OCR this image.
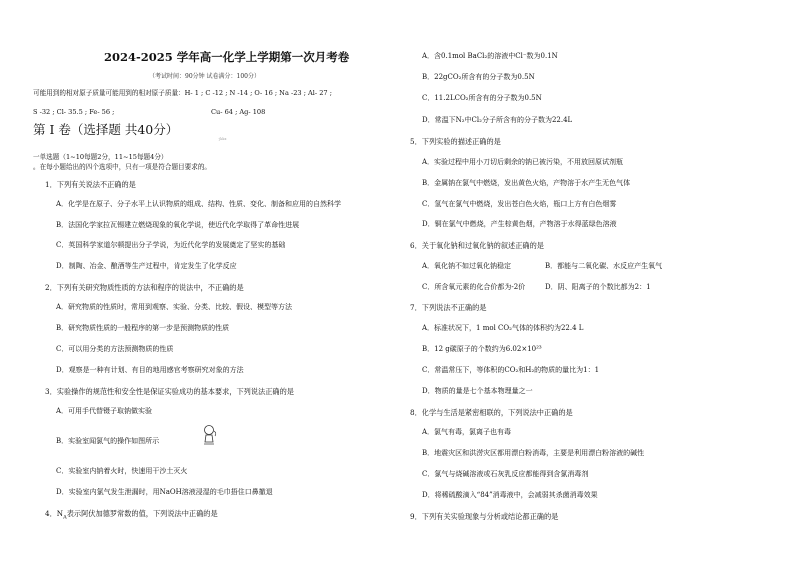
2024-2025 学年高一化学上学期第一次月考卷
（考试时间：90分钟 试卷满分：100分）
可能用到的相对原子质量可能用到的相对原子质量：H- 1 ; C -12 ; N -14 ; O- 16 ; Na -23 ; Al- 27 ;
S -32 ; Cl- 35.5 ; Fe- 56 ;	Cu- 64 ; Ag- 108
第 I 卷（选择题 共40分）
·jkkx
一单选题（1~10每题2分，11~15每题4分）
。在每小题给出的四个选项中，只有一项是符合题目要求的。
1．下列有关说法不正确的是
A．化学是在原子、分子水平上认识物质的组成、结构、性质、变化、制备和应用的自然科学
B．法国化学家拉瓦锡建立燃烧现象的氧化学说，使近代化学取得了革命性进展
C．英国科学家道尔顿提出分子学说，为近代化学的发展奠定了坚实的基础
D．制陶、冶金、酿酒等生产过程中，肯定发生了化学反应
2．下列有关研究物质性质的方法和程序的说法中，不正确的是
A．研究物质的性质时，常用到观察、实验、分类、比较、假设、模型等方法
B．研究物质性质的一般程序的第一步是预测物质的性质
C．可以用分类的方法预测物质的性质
D．观察是一种有计划、有目的地用感官考察研究对象的方法
3．实验操作的规范性和安全性是保证实验成功的基本要求，下列说法正确的是
A．可用手代替镊子取钠做实验
B．实验室闻氯气的操作如图所示
C．实验室内钠着火时，快速用干沙土灭火
D．实验室内氯气发生泄漏时，用NaOH溶液浸湿的毛巾捂住口鼻撤退
4．$N_A$表示阿伏加德罗常数的值，下列说法中正确的是
A．含0.1mol BaCl₂的溶液中Cl⁻数为0.1N
B．22gCO₂所含有的分子数为0.5N
C．11.2LCO₂所含有的分子数为0.5N
D．常温下N₂中Cl₂分子所含有的分子数为22.4L
5．下列实验的描述正确的是
A．实验过程中用小刀切后剩余的钠已被污染，不用放回原试剂瓶
B．金属钠在氯气中燃烧，发出黄色火焰，产物溶于水产生无色气体
C．氢气在氯气中燃烧，发出苍白色火焰，瓶口上方有白色烟雾
D．铜在氯气中燃烧，产生棕黄色烟，产物溶于水得蓝绿色溶液
6．关于氧化钠和过氧化钠的叙述正确的是
A．氧化钠不如过氧化钠稳定	B．都能与二氧化碳、水反应产生氧气
C．所含氧元素的化合价都为-2价	D．阴、阳离子的个数比都为2：1
7．下列说法不正确的是
A．标准状况下，1 mol CO₂气体的体积约为22.4 L
B．12 g碳原子的个数约为6.02×10²³
C．常温常压下，等体积的CO₂和H₂的物质的量比为1：1
D．物质的量是七个基本物理量之一
8．化学与生活是紧密相联的，下列说法中正确的是
A．氯气有毒，氯离子也有毒
B．地震灾区和洪涝灾区都用漂白粉消毒，主要是利用漂白粉溶液的碱性
C．氯气与烧碱溶液或石灰乳反应都能得到含氯消毒剂
D．将稀硫酸滴入“84”消毒液中，会减弱其杀菌消毒效果
9．下列有关实验现象与分析或结论都正确的是
